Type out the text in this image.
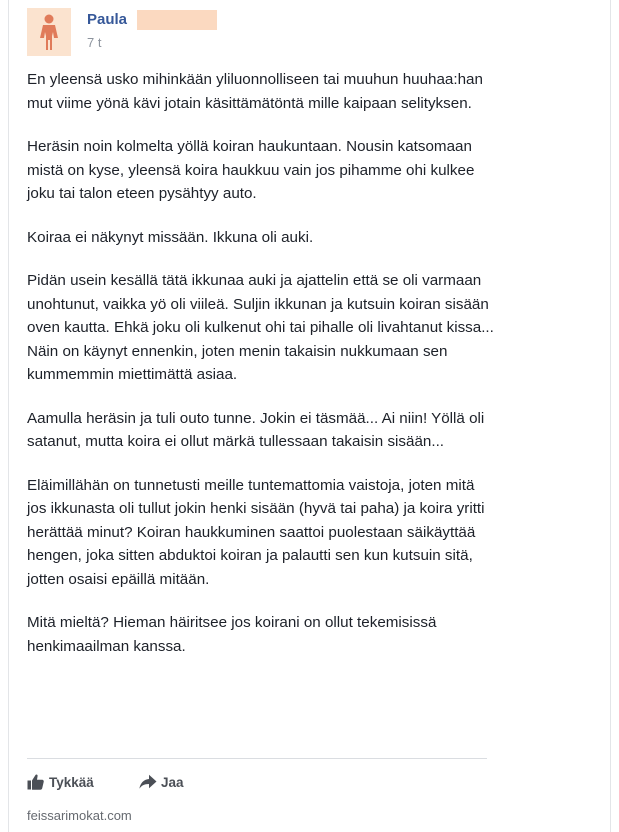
Paula
7 t

En yleensä usko mihinkään yliluonnolliseen tai muuhun huuhaa:han mut viime yönä kävi jotain käsittämätöntä mille kaipaan selityksen.

Heräsin noin kolmelta yöllä koiran haukuntaan. Nousin katsomaan mistä on kyse, yleensä koira haukkuu vain jos pihamme ohi kulkee joku tai talon eteen pysähtyy auto.

Koiraa ei näkynyt missään. Ikkuna oli auki.

Pidän usein kesällä tätä ikkunaa auki ja ajattelin että se oli varmaan unohtunut, vaikka yö oli viileä. Suljin ikkunan ja kutsuin koiran sisään oven kautta. Ehkä joku oli kulkenut ohi tai pihalle oli livahtanut kissa... Näin on käynyt ennenkin, joten menin takaisin nukkumaan sen kummemmin miettimättä asiaa.

Aamulla heräsin ja tuli outo tunne. Jokin ei täsmää... Ai niin! Yöllä oli satanut, mutta koira ei ollut märkä tullessaan takaisin sisään...

Eläimillähän on tunnetusti meille tuntemattomia vaistoja, joten mitä jos ikkunasta oli tullut jokin henki sisään (hyvä tai paha) ja koira yritti herättää minut? Koiran haukkuminen saattoi puolestaan säikäyttää hengen, joka sitten abduktoi koiran ja palautti sen kun kutsuin sitä, jotten osaisi epäillä mitään.

Mitä mieltä? Hieman häiritsee jos koirani on ollut tekemisissä henkimaailman kanssa.

Tykkää	Jaa
feissarimokat.com
